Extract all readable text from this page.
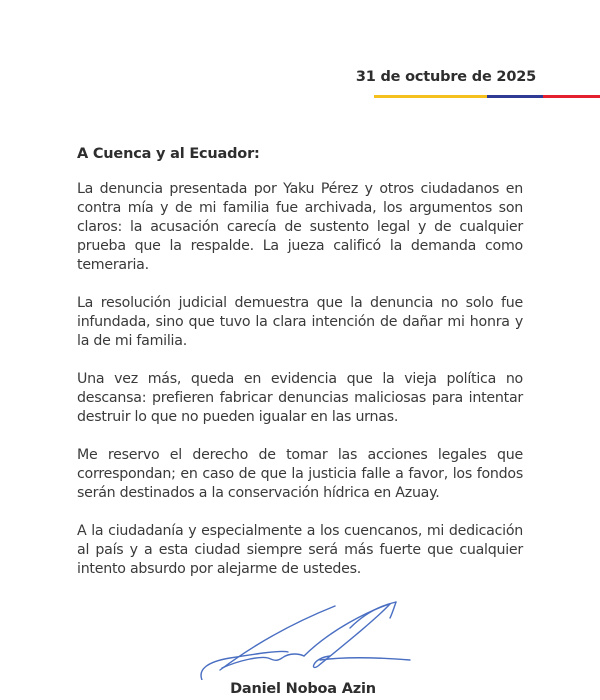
31 de octubre de 2025

A Cuenca y al Ecuador:

La denuncia presentada por Yaku Pérez y otros ciudadanos en contra mía y de mi familia fue archivada, los argumentos son claros: la acusación carecía de sustento legal y de cualquier prueba que la respalde. La jueza calificó la demanda como temeraria.

La resolución judicial demuestra que la denuncia no solo fue infundada, sino que tuvo la clara intención de dañar mi honra y la de mi familia.

Una vez más, queda en evidencia que la vieja política no descansa: prefieren fabricar denuncias maliciosas para intentar destruir lo que no pueden igualar en las urnas.

Me reservo el derecho de tomar las acciones legales que correspondan; en caso de que la justicia falle a favor, los fondos serán destinados a la conservación hídrica en Azuay.

A la ciudadanía y especialmente a los cuencanos, mi dedicación al país y a esta ciudad siempre será más fuerte que cualquier intento absurdo por alejarme de ustedes.

Daniel Noboa Azin
